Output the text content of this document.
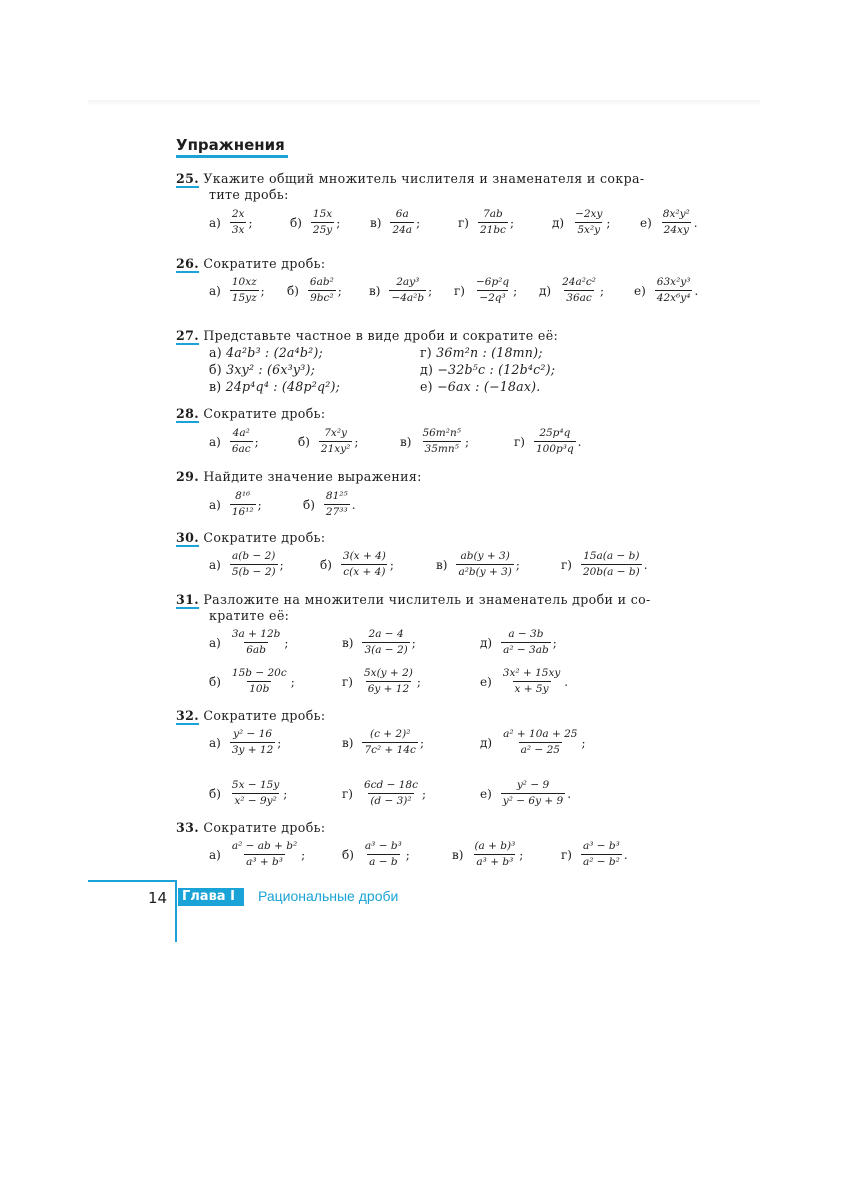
Упражнения
25. Укажите общий множитель числителя и знаменателя и сокра-
тите дробь:
$а) \frac{2x}{3x}$ ;	$б) \frac{15x}{25y}$ ; $в) \frac{6a}{24a}$ ;	$г) \frac{7ab}{21bc}$ ;	$д) \frac{-2xy}{\text{5x²y}}$ ; $е) \frac{\text{8x²y²}}{24xy}$ .
26. Сократите дробь:
$а) \frac{10xz}{15yz}$ ; $б) \frac{\text{6ab²}}{\text{9bc²}}$ ; $в) \frac{\text{2ay³}}{\text{−4a²b}}$ ; $г) \frac{\text{−6p²q}}{\text{−2q³}}$ ; $д) \frac{\text{24a²c²}}{36ac}$ ; $е) \frac{\text{63x²y³}}{\text{42x⁶y⁴}}$ .
27. Представьте частное в виде дроби и сократите её:
а) 4a²b³ : (2a⁴b²);	г) 36m²n : (18mn);
б) 3xy² : (6x³y³);	д) −32b⁵c : (12b⁴c²);
в) 24p⁴q⁴ : (48p²q²);	е) −6ax : (−18ax).
28. Сократите дробь:
$а) \frac{\text{4a²}}{6ac}$ ;	$б) \frac{\text{7x²y}}{\text{21xy²}}$ ;	$в) \frac{\text{56m²n⁵}}{\text{35mn⁵}}$ ;	$г) \frac{\text{25p⁴q}}{\text{100p³q}}$ .
29. Найдите значение выражения:
$а) \frac{\text{8¹⁶}}{\text{16¹²}}$ ;	$б) \frac{\text{81²⁵}}{\text{27³³}}$ .
30. Сократите дробь:
$а) \frac{a(b - 2)}{5(b - 2)}$ ;	$б) \frac{3(x + 4)}{c(x + 4)}$ ;	$в) \frac{ab(y + 3)}{\text{a²b(y + 3)}}$ ;	$г) \frac{15a(a - b)}{20b(a - b)}$ .
31. Разложите на множители числитель и знаменатель дроби и со-
кратите её:
$а) \frac{3a + 12b}{6ab}$ ;	$в) \frac{2a - 4}{3(a - 2)}$ ;	$д) \frac{a - 3b}{\text{a² − 3ab}}$ ;
$б) \frac{15b - 20c}{10b}$ ;	$г) \frac{5x(y + 2)}{6y + 12}$ ;	$е) \frac{\text{3x² + 15xy}}{x + 5y}$ .
32. Сократите дробь:
$а) \frac{\text{y² − 16}}{3y + 12}$ ;	$в) \frac{\text{(c + 2)²}}{\text{7c² + 14c}}$ ;	$д) \frac{\text{a² + 10a + 25}}{\text{a² − 25}}$ ;
$б) \frac{5x - 15y}{\text{x² − 9y²}}$ ;	$г) \frac{6cd - 18c}{\text{(d − 3)²}}$ ;	$е) \frac{\text{y² − 9}}{\text{y² − 6y + 9}}$ .
33. Сократите дробь:
$а) \frac{\text{a² − ab + b²}}{\text{a³ + b³}}$ ;	$б) \frac{\text{a³ − b³}}{a - b}$ ;	$в) \frac{\text{(a + b)³}}{\text{a³ + b³}}$ ;	$г) \frac{\text{a³ − b³}}{\text{a² − b²}}$ .
14	Глава I	Рациональные дроби
